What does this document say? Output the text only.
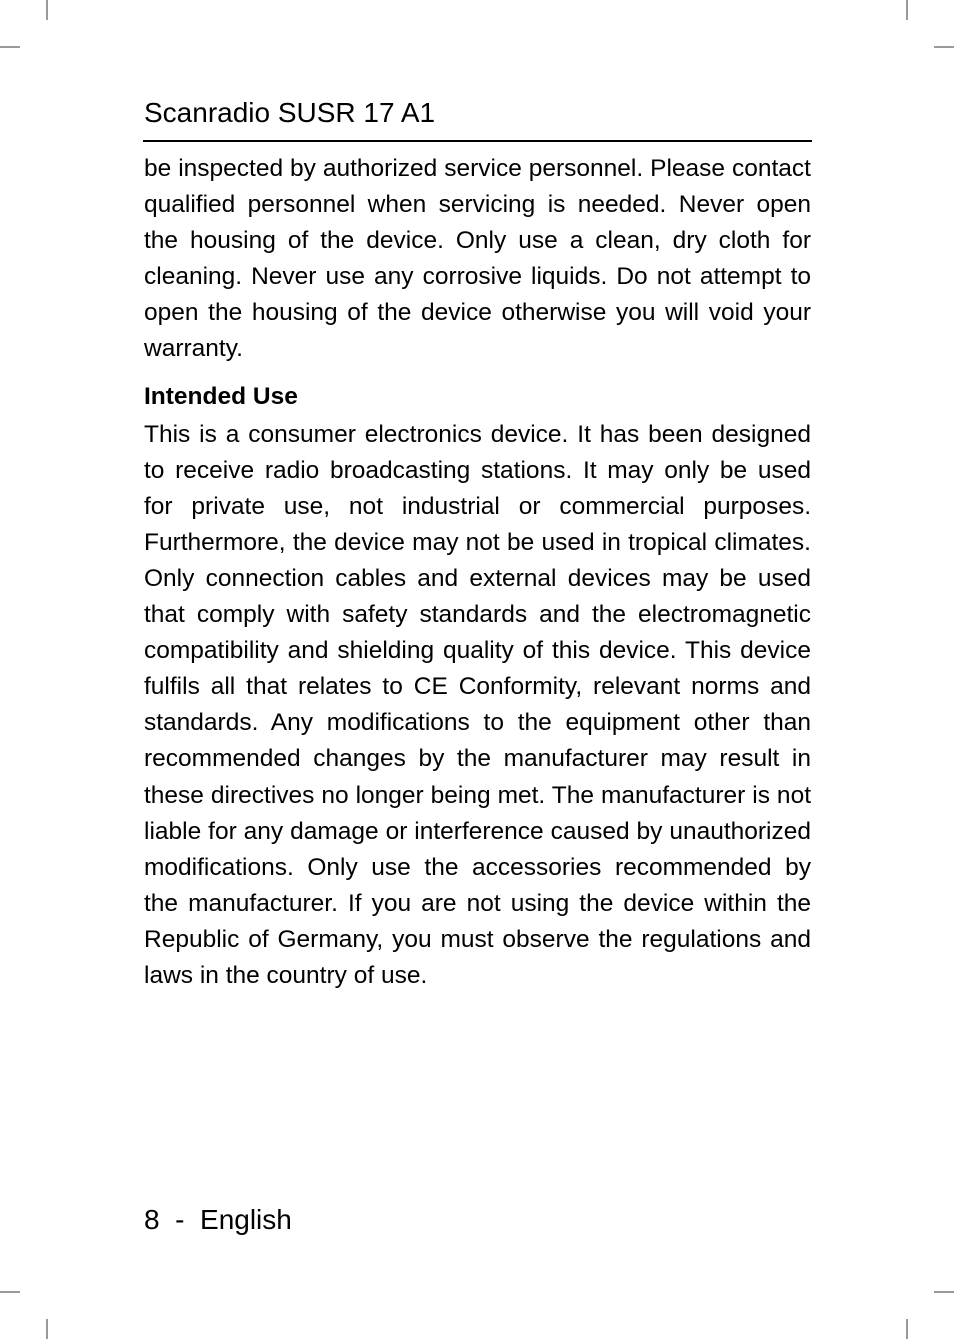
Scanradio SUSR 17 A1

be inspected by authorized service personnel. Please contact qualified personnel when servicing is needed. Never open the housing of the device. Only use a clean, dry cloth for cleaning. Never use any corrosive liquids. Do not attempt to open the housing of the device otherwise you will void your warranty.

Intended Use

This is a consumer electronics device. It has been designed to receive radio broadcasting stations. It may only be used for private use, not industrial or commercial purposes. Furthermore, the device may not be used in tropical climates. Only connection cables and external devices may be used that comply with safety standards and the electromagnetic compatibility and shielding quality of this device. This device fulfils all that relates to CE Conformity, relevant norms and standards. Any modifications to the equipment other than recommended changes by the manufacturer may result in these directives no longer being met. The manufacturer is not liable for any damage or interference caused by unauthorized modifications. Only use the accessories recommended by the manufacturer. If you are not using the device within the Republic of Germany, you must observe the regulations and laws in the country of use.

8  -  English
